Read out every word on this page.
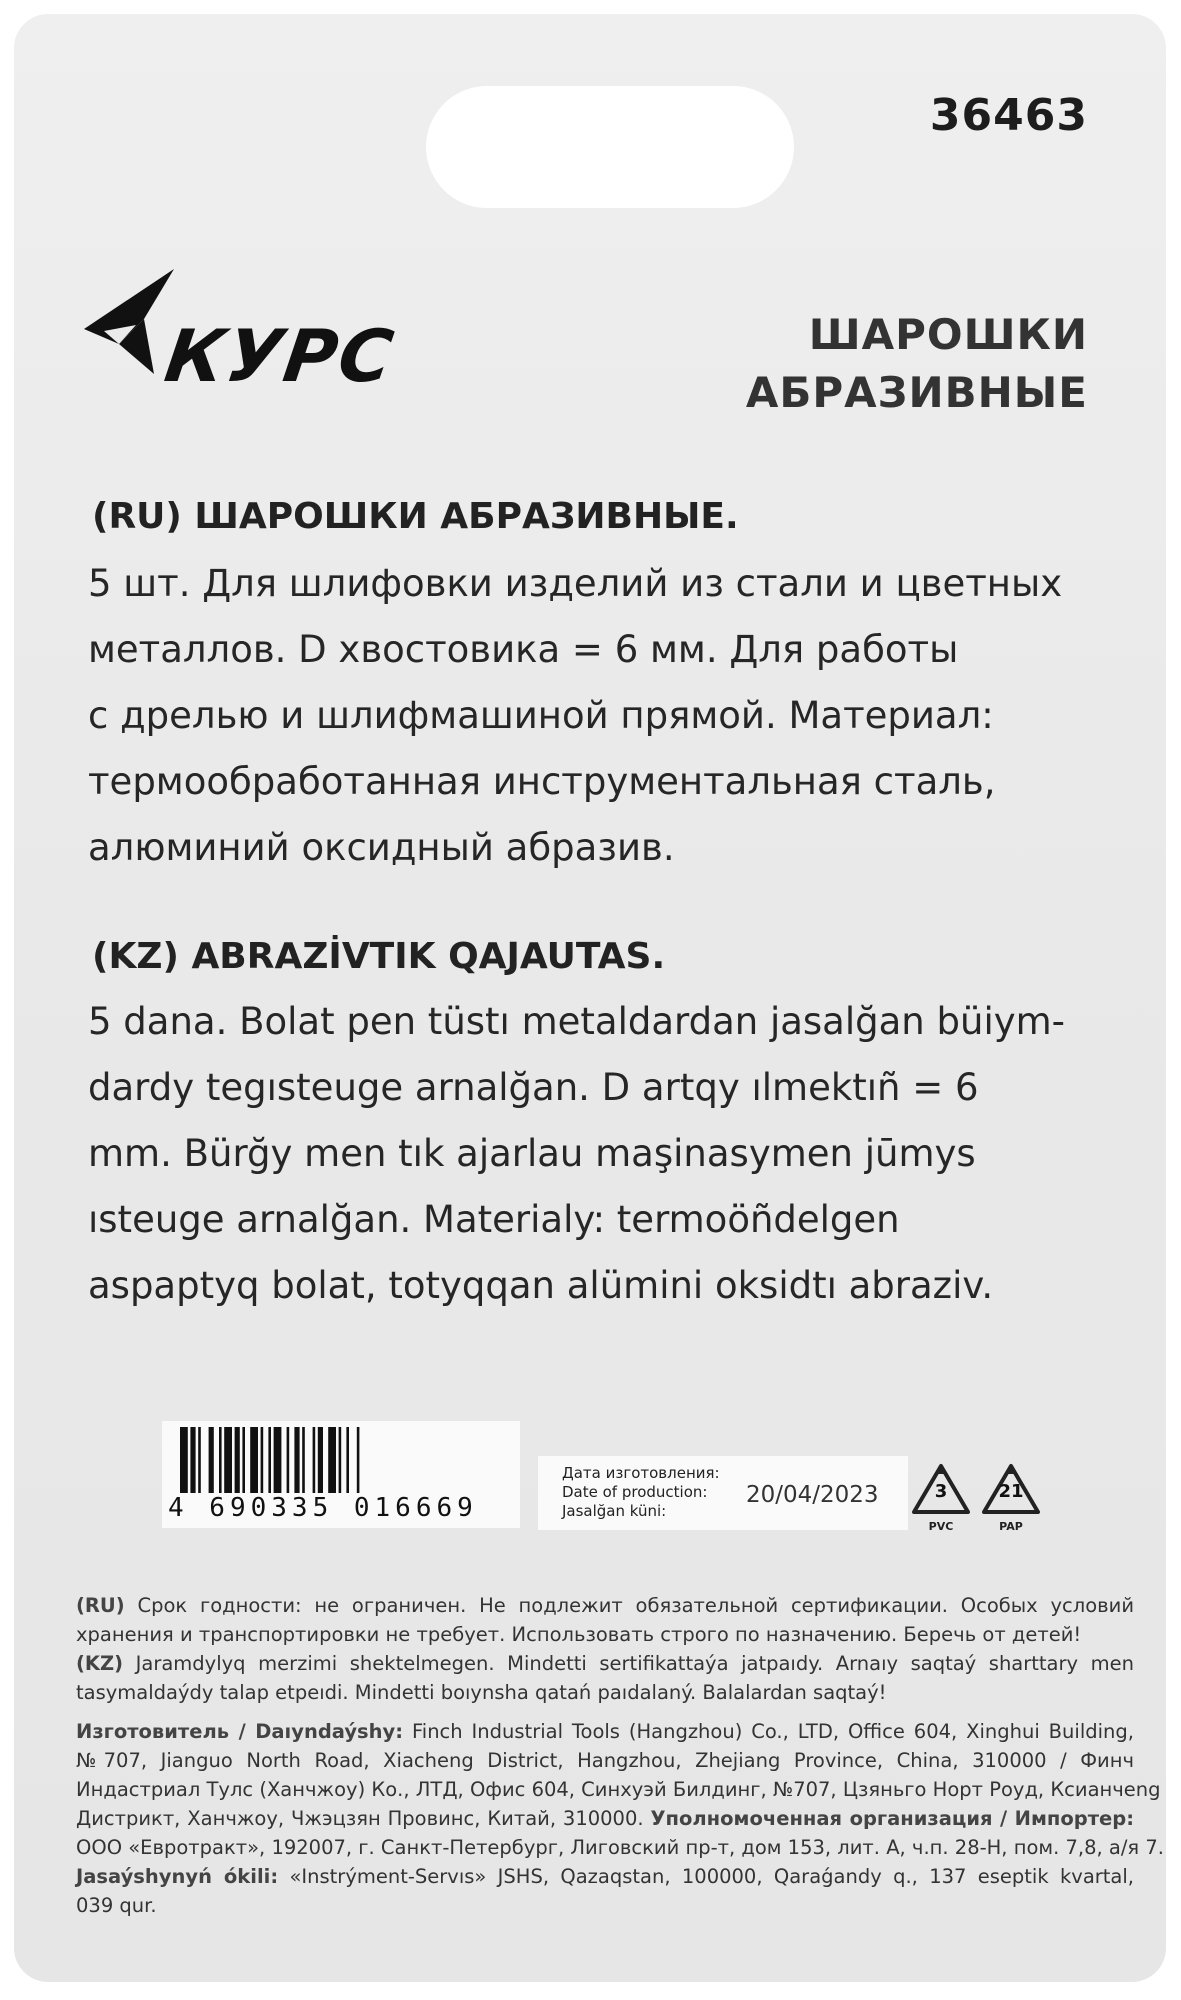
36463
КУРС	ШАРОШКИ
АБРАЗИВНЫЕ
(RU) ШАРОШКИ АБРАЗИВНЫЕ.
5 шт. Для шлифовки изделий из стали и цветных
металлов. D хвостовика = 6 мм. Для работы
с дрелью и шлифмашиной прямой. Материал:
термообработанная инструментальная сталь,
алюминий оксидный абразив.
(KZ) ABRAZİVTIK QAJAUTAS.
5 dana. Bolat pen tüstı metaldardan jasalğan büiym-
dardy tegısteuge arnalğan. D artqy ılmektıñ = 6
mm. Bürğy men tık ajarlau maşinasymen jūmys
ısteuge arnalğan. Materialy: termoöñdelgen
aspaptyq bolat, totyqqan alümini oksidtı abraziv.
4 690335 016669
Дата изготовления:
Date of production:
Jasalğan küni:
20/04/2023	3
PVC
21
PAP
(RU) Срок годности: не ограничен. Не подлежит обязательной сертификации. Особых условий
хранения и транспортировки не требует. Использовать строго по назначению. Беречь от детей!
(KZ) Jaramdylyq merzimi shektelmegen. Mindetti sertifikattaýa jatpaıdy. Arnaıy saqtaý sharttary men
tasymaldaýdy talap etpeıdi. Mindetti boıynsha qatań paıdalaný. Balalardan saqtaý!
Изготовитель / Daıyndaýshy: Finch Industrial Tools (Hangzhou) Co., LTD, Office 604, Xinghui Building,
№707, Jianguo North Road, Xiacheng District, Hangzhou, Zhejiang Province, China, 310000 / Финч
Индастриал Тулс (Ханчжоу) Ко., ЛТД, Офис 604, Синхуэй Билдинг, №707, Цзяньго Норт Роуд, Ксианчeng
Дистрикт, Ханчжоу, Чжэцзян Провинс, Китай, 310000. Уполномоченная организация / Импортер:
ООО «Евротракт», 192007, г. Санкт-Петербург, Лиговский пр-т, дом 153, лит. А, ч.п. 28-Н, пом. 7,8, а/я 7.
Jasaýshynyń ókili: «Instrýment-Servıs» JSHS, Qazaqstan, 100000, Qaraǵandy q., 137 eseptik kvartal,
039 qur.
